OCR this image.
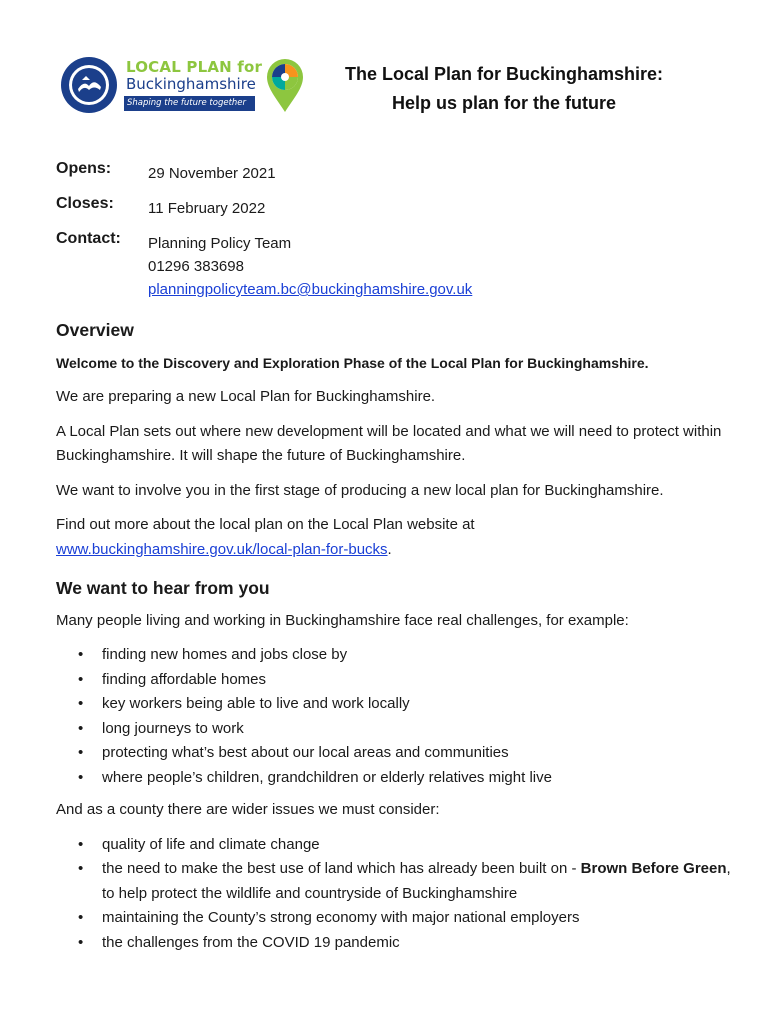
LOCAL PLAN for
Buckinghamshire
Shaping the future together
The Local Plan for Buckinghamshire:
Help us plan for the future
Opens: 29 November 2021
Closes: 11 February 2022
Contact: Planning Policy Team
01296 383698
planningpolicyteam.bc@buckinghamshire.gov.uk
Overview
Welcome to the Discovery and Exploration Phase of the Local Plan for Buckinghamshire.
We are preparing a new Local Plan for Buckinghamshire.
A Local Plan sets out where new development will be located and what we will need to protect within Buckinghamshire. It will shape the future of Buckinghamshire.
We want to involve you in the first stage of producing a new local plan for Buckinghamshire.
Find out more about the local plan on the Local Plan website at
www.buckinghamshire.gov.uk/local-plan-for-bucks.
We want to hear from you
Many people living and working in Buckinghamshire face real challenges, for example:
• finding new homes and jobs close by
• finding affordable homes
• key workers being able to live and work locally
• long journeys to work
• protecting what’s best about our local areas and communities
• where people’s children, grandchildren or elderly relatives might live
And as a county there are wider issues we must consider:
• quality of life and climate change
• the need to make the best use of land which has already been built on - Brown Before Green, to help protect the wildlife and countryside of Buckinghamshire
• maintaining the County’s strong economy with major national employers
• the challenges from the COVID 19 pandemic
